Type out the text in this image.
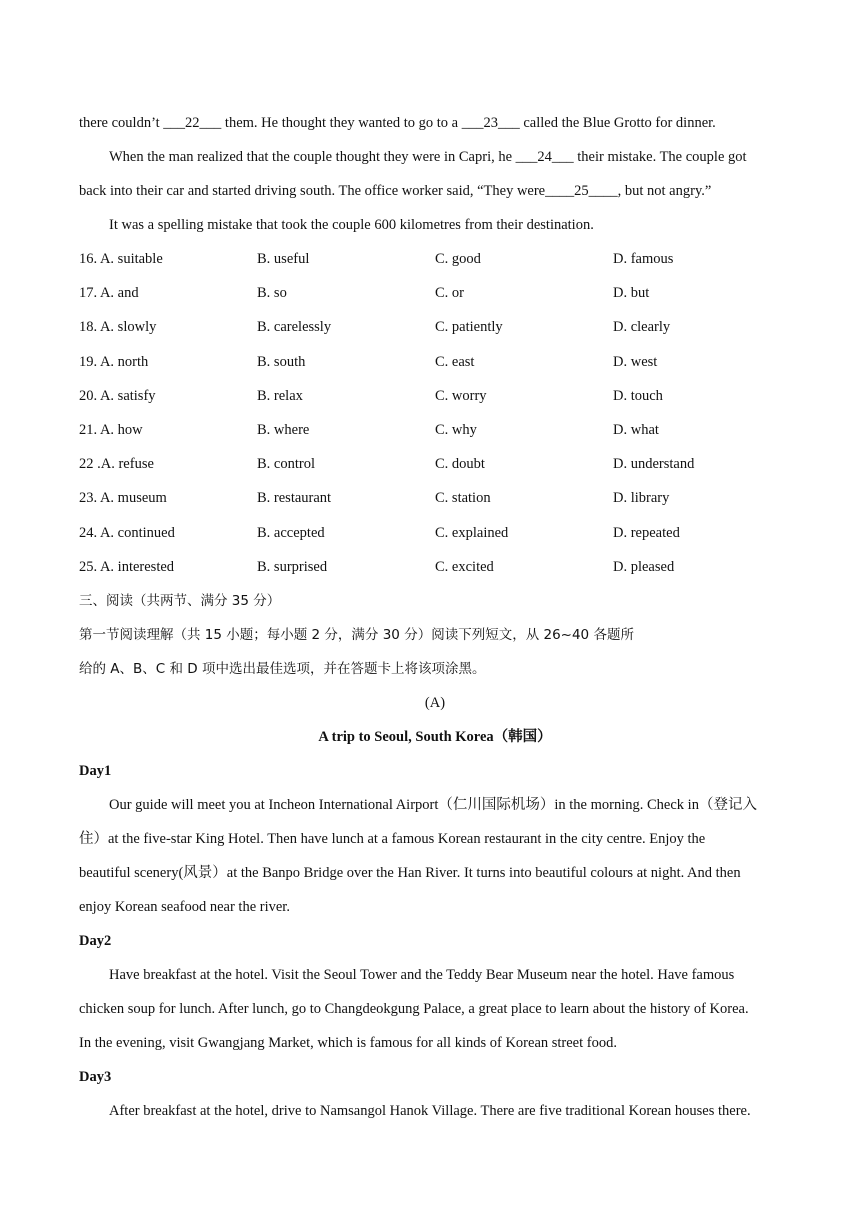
there couldn’t ___22___ them. He thought they wanted to go to a ___23___ called the Blue Grotto for dinner.
When the man realized that the couple thought they were in Capri, he ___24___ their mistake. The couple got
back into their car and started driving south. The office worker said, “They were____25____, but not angry.”
It was a spelling mistake that took the couple 600 kilometres from their destination.
16. A. suitable	B. useful	C. good	D. famous
17. A. and	B. so	C. or	D. but
18. A. slowly	B. carelessly	C. patiently	D. clearly
19. A. north	B. south	C. east	D. west
20. A. satisfy	B. relax	C. worry	D. touch
21. A. how	B. where	C. why	D. what
22 .A. refuse	B. control	C. doubt	D. understand
23. A. museum	B. restaurant	C. station	D. library
24. A. continued	B. accepted	C. explained	D. repeated
25. A. interested	B. surprised	C. excited	D. pleased
三、阅读（共两节、满分 35 分）
第一节阅读理解（共 15 小题；每小题 2 分，满分 30 分）阅读下列短文，从 26~40 各题所
给的 A、B、C 和 D 项中选出最佳选项，并在答题卡上将该项涂黑。
(A)
A trip to Seoul, South Korea（韩国）
Day1
Our guide will meet you at Incheon International Airport（仁川国际机场）in the morning. Check in（登记入
住）at the five-star King Hotel. Then have lunch at a famous Korean restaurant in the city centre. Enjoy the
beautiful scenery(风景）at the Banpo Bridge over the Han River. It turns into beautiful colours at night. And then
enjoy Korean seafood near the river.
Day2
Have breakfast at the hotel. Visit the Seoul Tower and the Teddy Bear Museum near the hotel. Have famous
chicken soup for lunch. After lunch, go to Changdeokgung Palace, a great place to learn about the history of Korea.
In the evening, visit Gwangjang Market, which is famous for all kinds of Korean street food.
Day3
After breakfast at the hotel, drive to Namsangol Hanok Village. There are five traditional Korean houses there.
